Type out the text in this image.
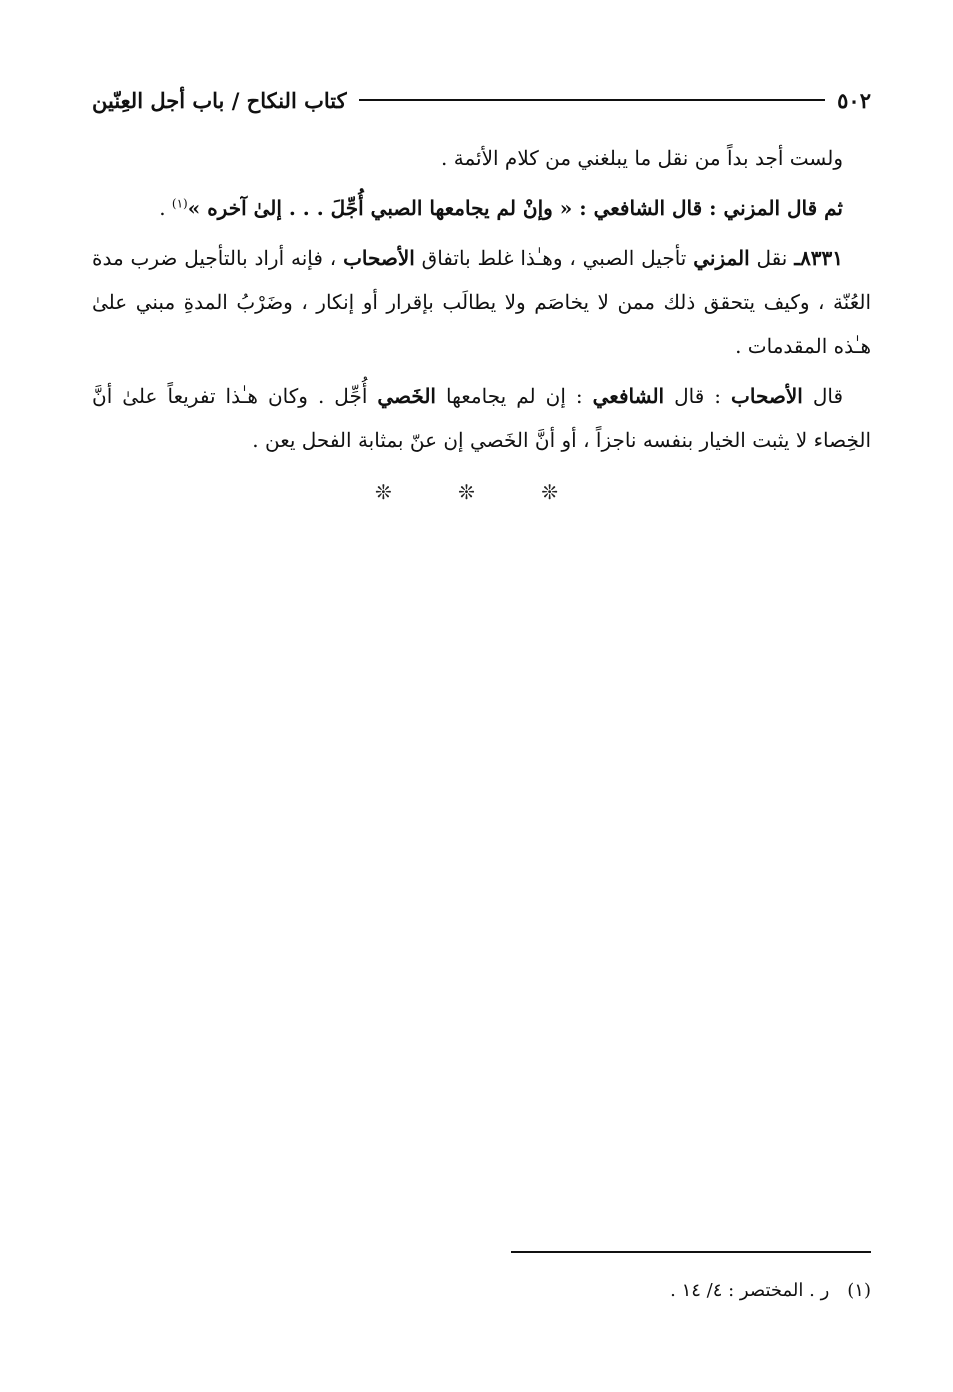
٥٠٢
كتاب النكاح / باب أجل العِنّين

ولست أجد بداً من نقل ما يبلغني من كلام الأئمة .

ثم قال المزني : قال الشافعي : « وإنْ لم يجامعها الصبي أُجِّلَ . . . إلىٰ آخره »$^{(١)}$ .

٨٣٣١ـ نقل المزني تأجيل الصبي ، وهـٰذا غلط باتفاق الأصحاب ، فإنه أراد بالتأجيل ضرب مدة العُنّة ، وكيف يتحقق ذلك ممن لا يخاصَم ولا يطالَب بإقرار أو إنكار ، وضَرْبُ المدةِ مبني علىٰ هـٰذه المقدمات .

قال الأصحاب : قال الشافعي : إن لم يجامعها الخَصي أُجِّل . وكان هـٰذا تفريعاً علىٰ أنَّ الخِصاء لا يثبت الخيار بنفسه ناجزاً ، أو أنَّ الخَصي إن عنّ بمثابة الفحل يعن .

❊ ❊ ❊
(١)ر . المختصر : ٤/ ١٤ .
